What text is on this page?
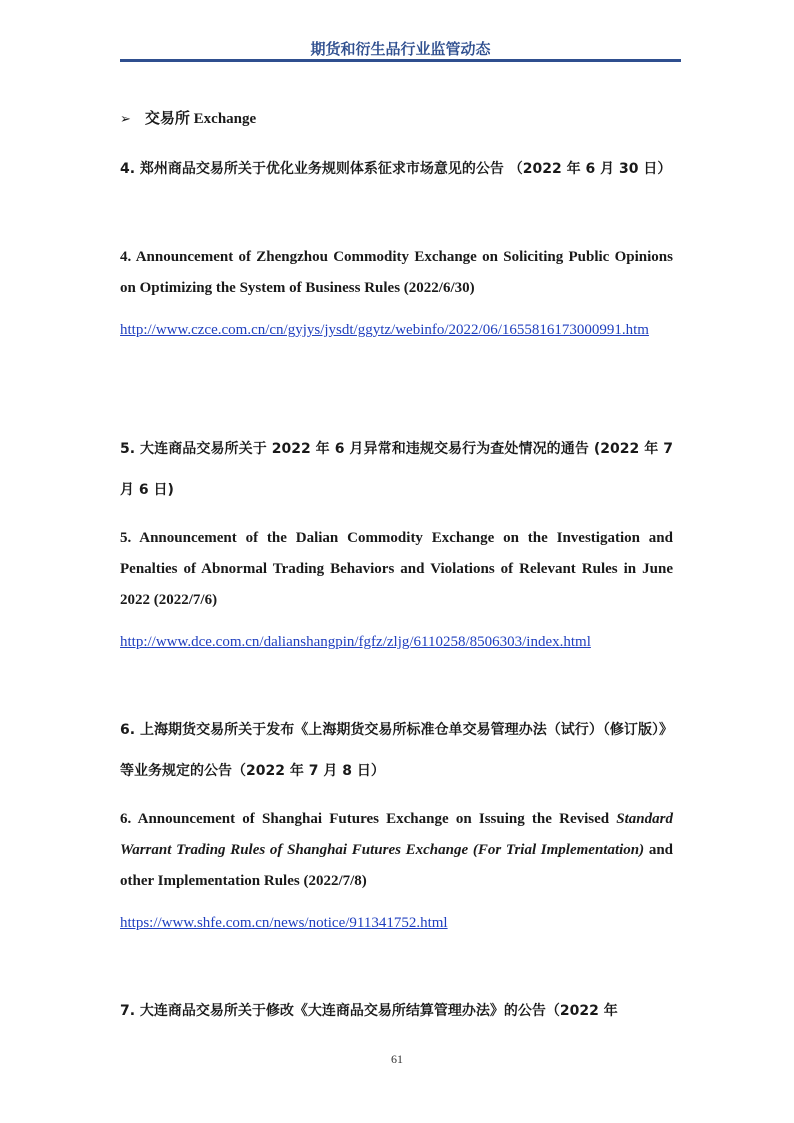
期货和衍生品行业监管动态
➢ 交易所 Exchange
4. 郑州商品交易所关于优化业务规则体系征求市场意见的公告 （2022 年 6 月 30 日）
4. Announcement of Zhengzhou Commodity Exchange on Soliciting Public Opinions on Optimizing the System of Business Rules (2022/6/30)
http://www.czce.com.cn/cn/gyjys/jysdt/ggytz/webinfo/2022/06/1655816173000991.htm
5. 大连商品交易所关于 2022 年 6 月异常和违规交易行为查处情况的通告 (2022 年 7 月 6 日)
5. Announcement of the Dalian Commodity Exchange on the Investigation and Penalties of Abnormal Trading Behaviors and Violations of Relevant Rules in June 2022 (2022/7/6)
http://www.dce.com.cn/dalianshangpin/fgfz/zljg/6110258/8506303/index.html
6. 上海期货交易所关于发布《上海期货交易所标准仓单交易管理办法（试行）（修订版）》等业务规定的公告（2022 年 7 月 8 日）
6. Announcement of Shanghai Futures Exchange on Issuing the Revised Standard Warrant Trading Rules of Shanghai Futures Exchange (For Trial Implementation) and other Implementation Rules (2022/7/8)
https://www.shfe.com.cn/news/notice/911341752.html
7. 大连商品交易所关于修改《大连商品交易所结算管理办法》的公告（2022 年
61
